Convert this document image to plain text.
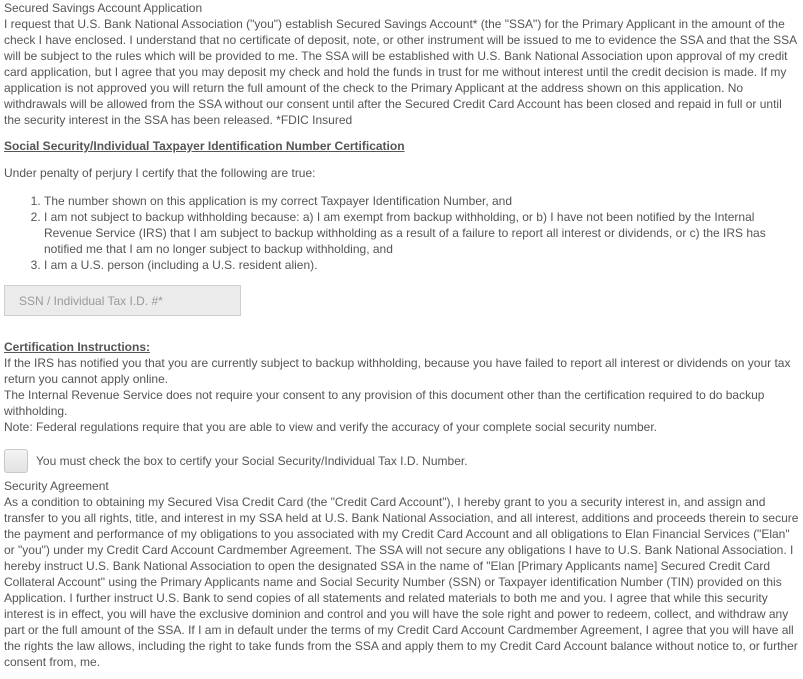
Secured Savings Account Application

I request that U.S. Bank National Association ("you") establish Secured Savings Account* (the "SSA") for the Primary Applicant in the amount of the check I have enclosed. I understand that no certificate of deposit, note, or other instrument will be issued to me to evidence the SSA and that the SSA will be subject to the rules which will be provided to me. The SSA will be established with U.S. Bank National Association upon approval of my credit card application, but I agree that you may deposit my check and hold the funds in trust for me without interest until the credit decision is made. If my application is not approved you will return the full amount of the check to the Primary Applicant at the address shown on this application. No withdrawals will be allowed from the SSA without our consent until after the Secured Credit Card Account has been closed and repaid in full or until the security interest in the SSA has been released. *FDIC Insured

Social Security/Individual Taxpayer Identification Number Certification

Under penalty of perjury I certify that the following are true:

1. The number shown on this application is my correct Taxpayer Identification Number, and
2. I am not subject to backup withholding because: a) I am exempt from backup withholding, or b) I have not been notified by the Internal Revenue Service (IRS) that I am subject to backup withholding as a result of a failure to report all interest or dividends, or c) the IRS has notified me that I am no longer subject to backup withholding, and
3. I am a U.S. person (including a U.S. resident alien).
SSN / Individual Tax I.D. #*
Certification Instructions:

If the IRS has notified you that you are currently subject to backup withholding, because you have failed to report all interest or dividends on your tax return you cannot apply online.

The Internal Revenue Service does not require your consent to any provision of this document other than the certification required to do backup withholding.

Note: Federal regulations require that you are able to view and verify the accuracy of your complete social security number.

You must check the box to certify your Social Security/Individual Tax I.D. Number.
Security Agreement

As a condition to obtaining my Secured Visa Credit Card (the "Credit Card Account"), I hereby grant to you a security interest in, and assign and transfer to you all rights, title, and interest in my SSA held at U.S. Bank National Association, and all interest, additions and proceeds therein to secure the payment and performance of my obligations to you associated with my Credit Card Account and all obligations to Elan Financial Services ("Elan" or "you") under my Credit Card Account Cardmember Agreement. The SSA will not secure any obligations I have to U.S. Bank National Association. I hereby instruct U.S. Bank National Association to open the designated SSA in the name of "Elan [Primary Applicants name] Secured Credit Card Collateral Account" using the Primary Applicants name and Social Security Number (SSN) or Taxpayer identification Number (TIN) provided on this Application. I further instruct U.S. Bank to send copies of all statements and related materials to both me and you. I agree that while this security interest is in effect, you will have the exclusive dominion and control and you will have the sole right and power to redeem, collect, and withdraw any part or the full amount of the SSA. If I am in default under the terms of my Credit Card Account Cardmember Agreement, I agree that you will have all the rights the law allows, including the right to take funds from the SSA and apply them to my Credit Card Account balance without notice to, or further consent from, me.
